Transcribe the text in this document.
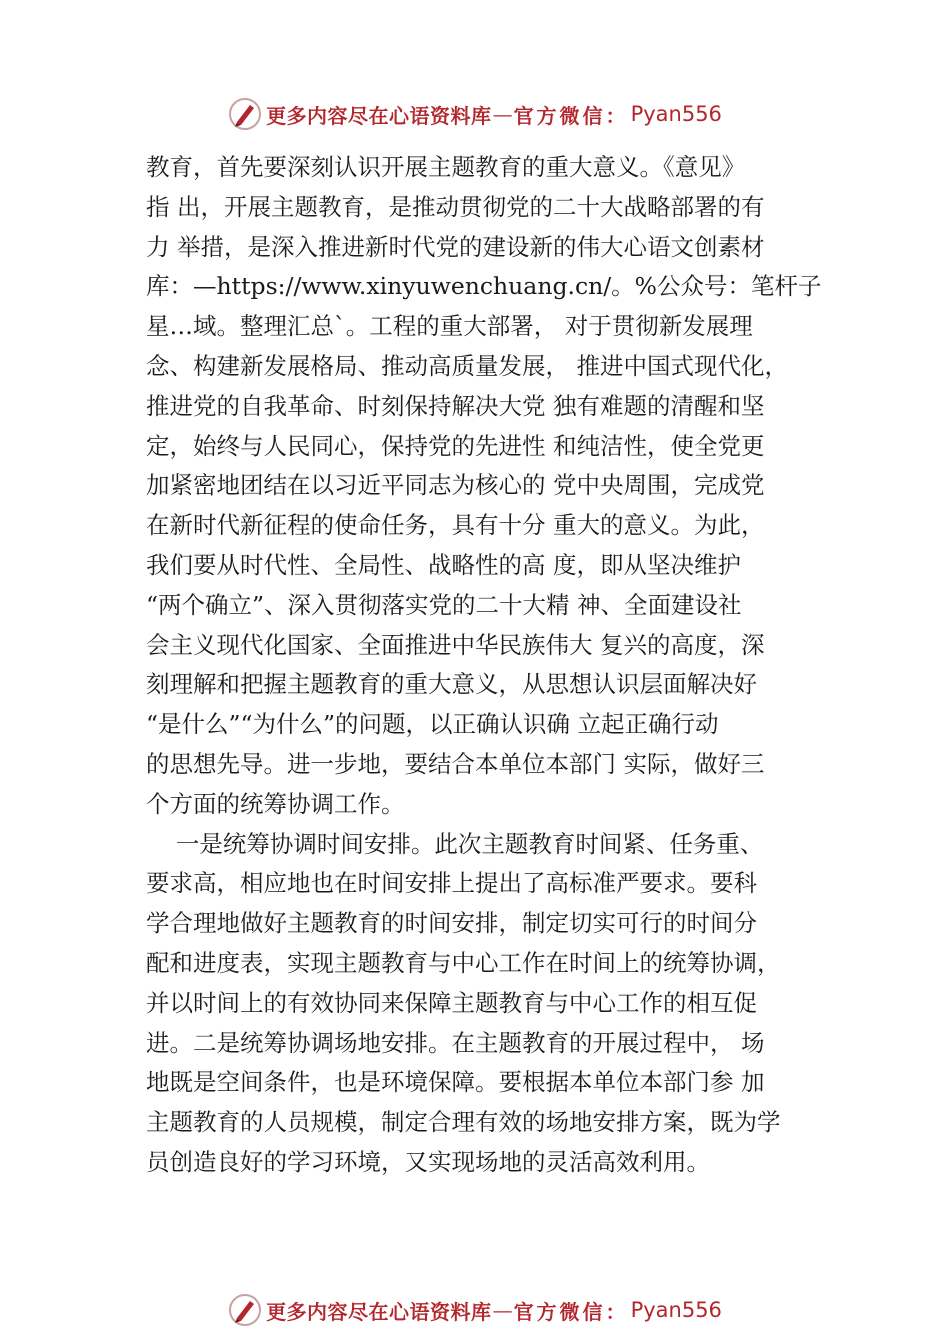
更多内容尽在心语资料库 — 官方微信： Pyan556
教育，首先要深刻认识开展主题教育的重大意义。《意见》
指 出，开展主题教育，是推动贯彻党的二十大战略部署的有
力 举措，是深入推进新时代党的建设新的伟大心语文创素材
库：—https://www.xinyuwenchuang.cn/。%公众号：笔杆子
星…域。整理汇总`。工程的重大部署， 对于贯彻新发展理
念、构建新发展格局、推动高质量发展， 推进中国式现代化，
推进党的自我革命、时刻保持解决大党 独有难题的清醒和坚
定，始终与人民同心，保持党的先进性 和纯洁性，使全党更
加紧密地团结在以习近平同志为核心的 党中央周围，完成党
在新时代新征程的使命任务，具有十分 重大的意义。为此，
我们要从时代性、全局性、战略性的高 度，即从坚决维护
“两个确立”、深入贯彻落实党的二十大精 神、全面建设社
会主义现代化国家、全面推进中华民族伟大 复兴的高度，深
刻理解和把握主题教育的重大意义，从思想认识层面解决好
“是什么”“为什么”的问题，以正确认识确 立起正确行动
的思想先导。进一步地，要结合本单位本部门 实际，做好三
个方面的统筹协调工作。
一是统筹协调时间安排。此次主题教育时间紧、任务重、
要求高，相应地也在时间安排上提出了高标准严要求。要科
学合理地做好主题教育的时间安排，制定切实可行的时间分
配和进度表，实现主题教育与中心工作在时间上的统筹协调，
并以时间上的有效协同来保障主题教育与中心工作的相互促
进。二是统筹协调场地安排。在主题教育的开展过程中， 场
地既是空间条件，也是环境保障。要根据本单位本部门参 加
主题教育的人员规模，制定合理有效的场地安排方案，既为学
员创造良好的学习环境，又实现场地的灵活高效利用。
更多内容尽在心语资料库 — 官方微信： Pyan556
